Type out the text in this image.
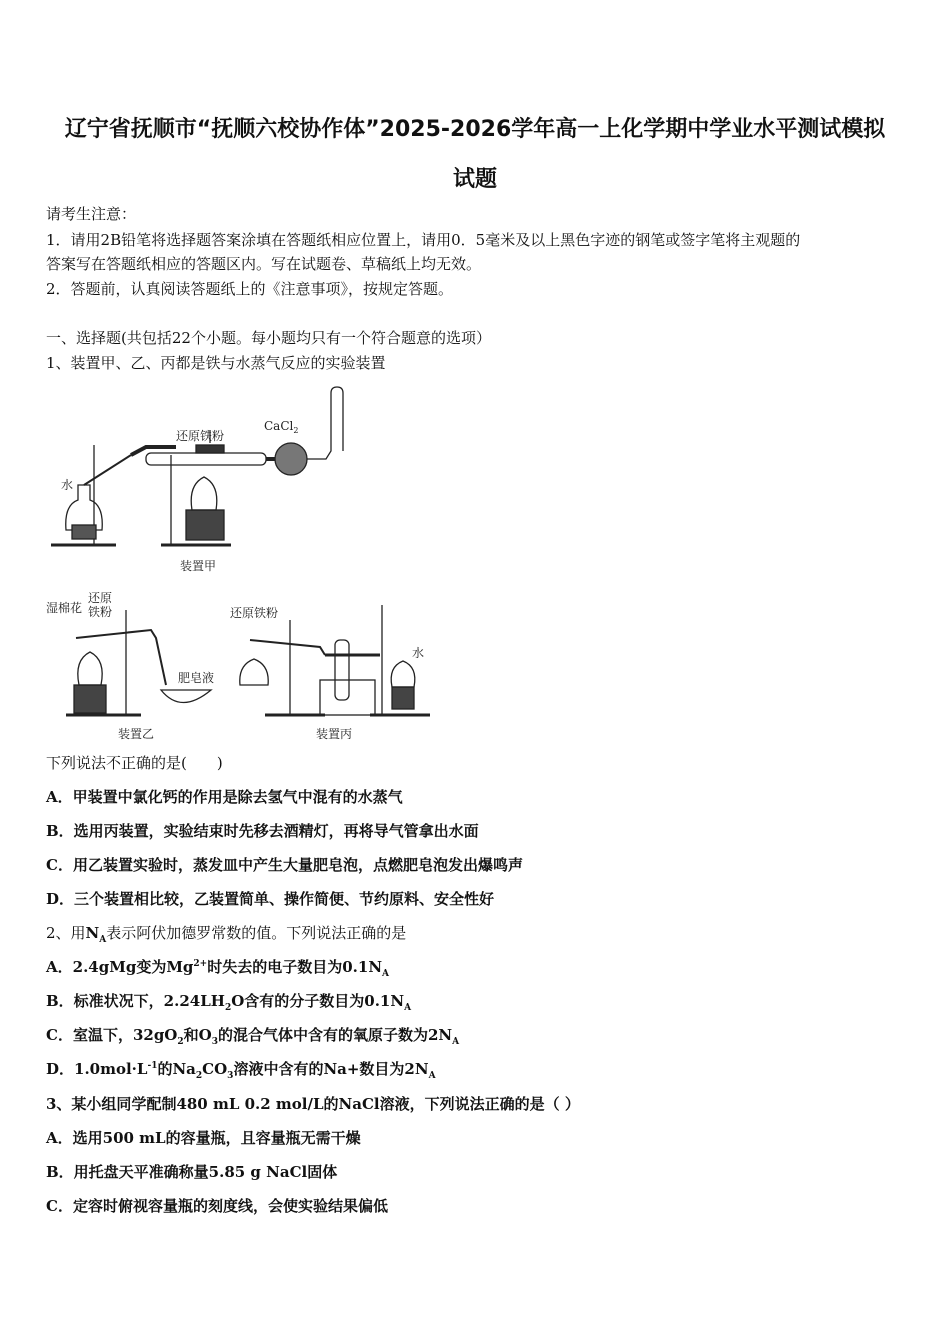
辽宁省抚顺市“抚顺六校协作体”2025-2026学年高一上化学期中学业水平测试模拟
试题
请考生注意：
1．请用2B铅笔将选择题答案涂填在答题纸相应位置上，请用0．5毫米及以上黑色字迹的钢笔或签字笔将主观题的
答案写在答题纸相应的答题区内。写在试题卷、草稿纸上均无效。
2．答题前，认真阅读答题纸上的《注意事项》，按规定答题。
一、选择题(共包括22个小题。每小题均只有一个符合题意的选项）
1、装置甲、乙、丙都是铁与水蒸气反应的实验装置
水
还原铁粉
CaCl$_2$
装置甲
湿棉花
还原
铁粉
肥皂液
装置乙
还原铁粉
水
装置丙
下列说法不正确的是(　　)
A．甲装置中氯化钙的作用是除去氢气中混有的水蒸气
B．选用丙装置，实验结束时先移去酒精灯，再将导气管拿出水面
C．用乙装置实验时，蒸发皿中产生大量肥皂泡，点燃肥皂泡发出爆鸣声
D．三个装置相比较，乙装置简单、操作简便、节约原料、安全性好
2、用$N_A$表示阿伏加德罗常数的值。下列说法正确的是
A．2.4gMg变为$Mg^{2+}$时失去的电子数目为$0.1N_A$
B．标准状况下，$2.24LH_2O$含有的分子数目为$0.1N_A$
C．室温下，$32gO_2$和$O_3$的混合气体中含有的氧原子数为$2N_A$
D．$1.0mol\cdot L^{-1}$的$Na_2CO_3$溶液中含有的Na+数目为$2N_A$
3、某小组同学配制480 mL 0.2 mol/L的NaCl溶液，下列说法正确的是（ ）
A．选用500 mL的容量瓶，且容量瓶无需干燥
B．用托盘天平准确称量5.85 g NaCl固体
C．定容时俯视容量瓶的刻度线，会使实验结果偏低
